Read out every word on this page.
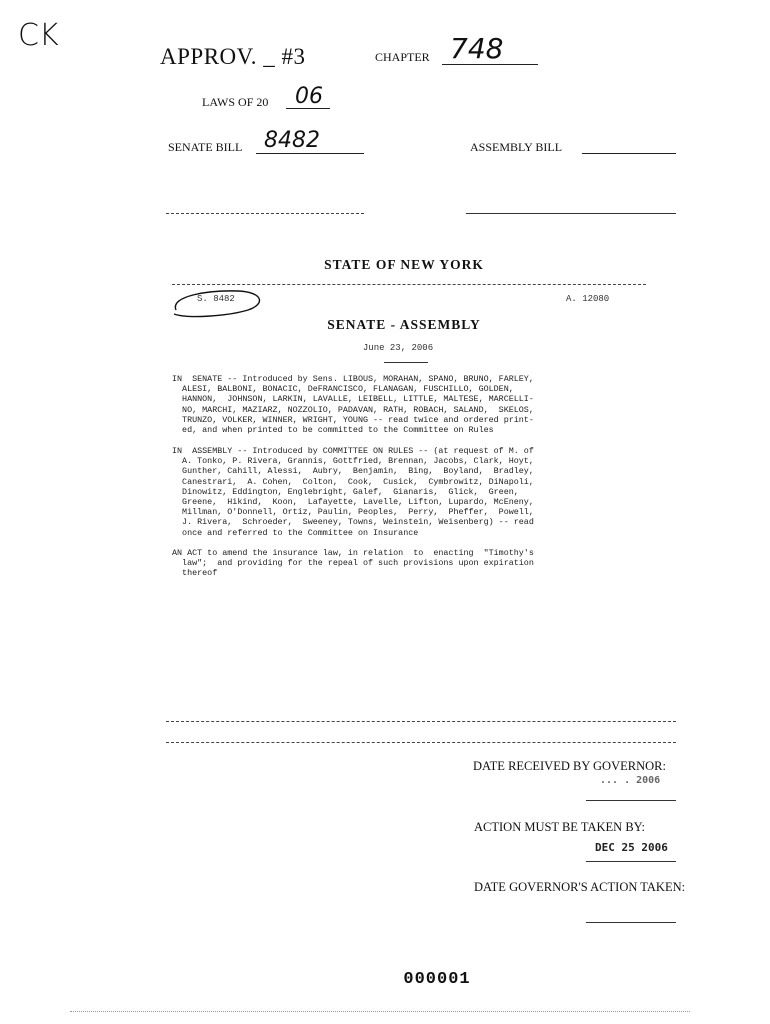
CK
APPROV. _ #3	CHAPTER 748
LAWS OF 20 06
SENATE BILL 8482	ASSEMBLY BILL
STATE OF NEW YORK
S. 8482	A. 12080
SENATE - ASSEMBLY
June 23, 2006
IN  SENATE -- Introduced by Sens. LIBOUS, MORAHAN, SPANO, BRUNO, FARLEY,
ALESI, BALBONI, BONACIC, DeFRANCISCO, FLANAGAN, FUSCHILLO, GOLDEN,
HANNON,  JOHNSON, LARKIN, LAVALLE, LEIBELL, LITTLE, MALTESE, MARCELLI-
NO, MARCHI, MAZIARZ, NOZZOLIO, PADAVAN, RATH, ROBACH, SALAND,  SKELOS,
TRUNZO, VOLKER, WINNER, WRIGHT, YOUNG -- read twice and ordered print-
ed, and when printed to be committed to the Committee on Rules
IN  ASSEMBLY -- Introduced by COMMITTEE ON RULES -- (at request of M. of
A. Tonko, P. Rivera, Grannis, Gottfried, Brennan, Jacobs, Clark, Hoyt,
Gunther, Cahill, Alessi,  Aubry,  Benjamin,  Bing,  Boyland,  Bradley,
Canestrari,  A. Cohen,  Colton,  Cook,  Cusick,  Cymbrowitz, DiNapoli,
Dinowitz, Eddington, Englebright, Galef,  Gianaris,  Glick,  Green,
Greene,  Hikind,  Koon,  Lafayette, Lavelle, Lifton, Lupardo, McEneny,
Millman, O'Donnell, Ortiz, Paulin, Peoples,  Perry,  Pheffer,  Powell,
J. Rivera,  Schroeder,  Sweeney, Towns, Weinstein, Weisenberg) -- read
once and referred to the Committee on Insurance
AN ACT to amend the insurance law, in relation  to  enacting  "Timothy's
law";  and providing for the repeal of such provisions upon expiration
thereof
DATE RECEIVED BY GOVERNOR:
... . 2006
ACTION MUST BE TAKEN BY:
DEC 25 2006
DATE GOVERNOR'S ACTION TAKEN:
000001
